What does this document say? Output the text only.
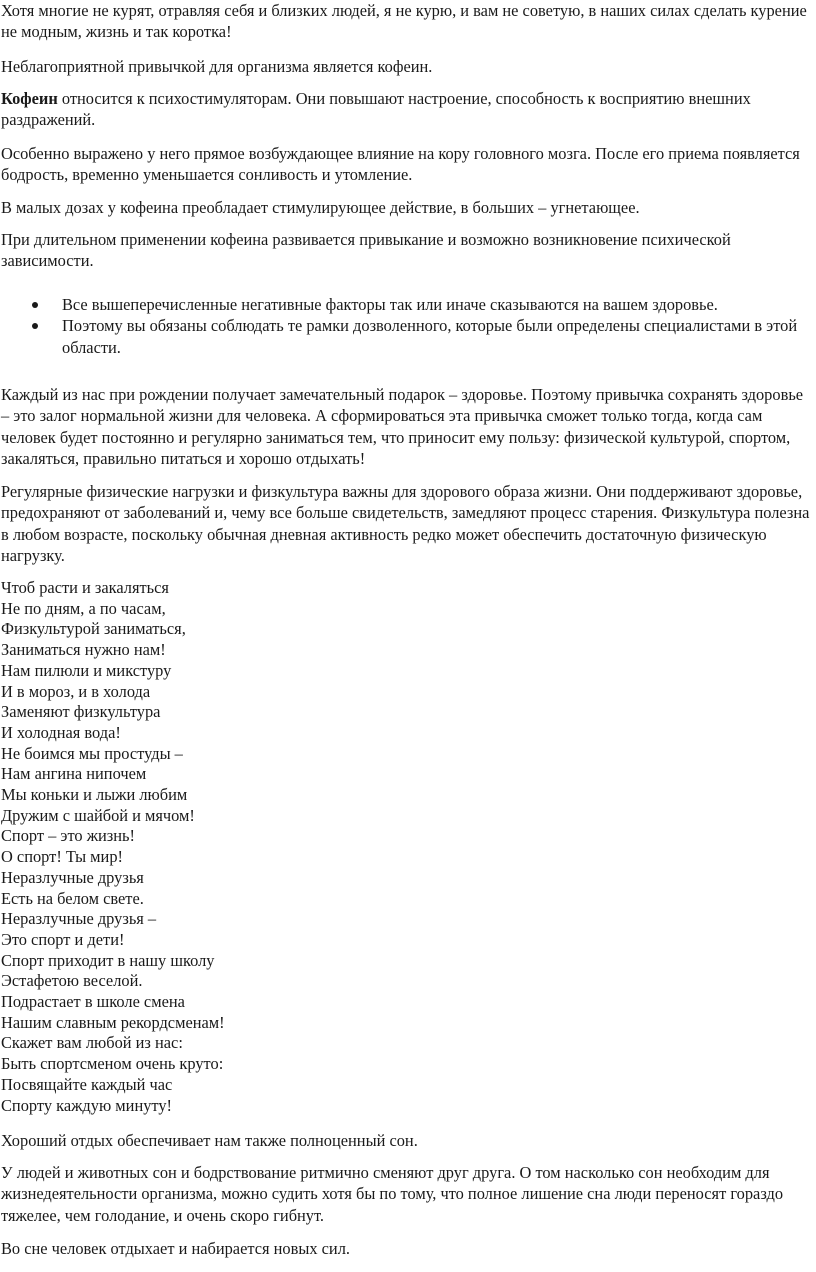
Хотя многие не курят, отравляя себя и близких людей, я не курю, и вам не советую, в наших силах сделать курение не модным, жизнь и так коротка!

Неблагоприятной привычкой для организма является кофеин.

Кофеин относится к психостимуляторам. Они повышают настроение, способность к восприятию внешних раздражений.

Особенно выражено у него прямое возбуждающее влияние на кору головного мозга. После его приема появляется бодрость, временно уменьшается сонливость и утомление.

В малых дозах у кофеина преобладает стимулирующее действие, в больших – угнетающее.

При длительном применении кофеина развивается привыкание и возможно возникновение психической зависимости.

Все вышеперечисленные негативные факторы так или иначе сказываются на вашем здоровье.
Поэтому вы обязаны соблюдать те рамки дозволенного, которые были определены специалистами в этой области.

Каждый из нас при рождении получает замечательный подарок – здоровье. Поэтому привычка сохранять здоровье – это залог нормальной жизни для человека. А сформироваться эта привычка сможет только тогда, когда сам человек будет постоянно и регулярно заниматься тем, что приносит ему пользу: физической культурой, спортом, закаляться, правильно питаться и хорошо отдыхать!

Регулярные физические нагрузки и физкультура важны для здорового образа жизни. Они поддерживают здоровье, предохраняют от заболеваний и, чему все больше свидетельств, замедляют процесс старения. Физкультура полезна в любом возрасте, поскольку обычная дневная активность редко может обеспечить достаточную физическую нагрузку.

Чтоб расти и закаляться
Не по дням, а по часам,
Физкультурой заниматься,
Заниматься нужно нам!
Нам пилюли и микстуру
И в мороз, и в холода
Заменяют физкультура
И холодная вода!
Не боимся мы простуды –
Нам ангина нипочем
Мы коньки и лыжи любим
Дружим с шайбой и мячом!
Спорт – это жизнь!
О спорт! Ты мир!
Неразлучные друзья
Есть на белом свете.
Неразлучные друзья –
Это спорт и дети!
Спорт приходит в нашу школу
Эстафетою веселой.
Подрастает в школе смена
Нашим славным рекордсменам!
Скажет вам любой из нас:
Быть спортсменом очень круто:
Посвящайте каждый час
Спорту каждую минуту!

Хороший отдых обеспечивает нам также полноценный сон.

У людей и животных сон и бодрствование ритмично сменяют друг друга. О том насколько сон необходим для жизнедеятельности организма, можно судить хотя бы по тому, что полное лишение сна люди переносят гораздо тяжелее, чем голодание, и очень скоро гибнут.

Во сне человек отдыхает и набирается новых сил.
